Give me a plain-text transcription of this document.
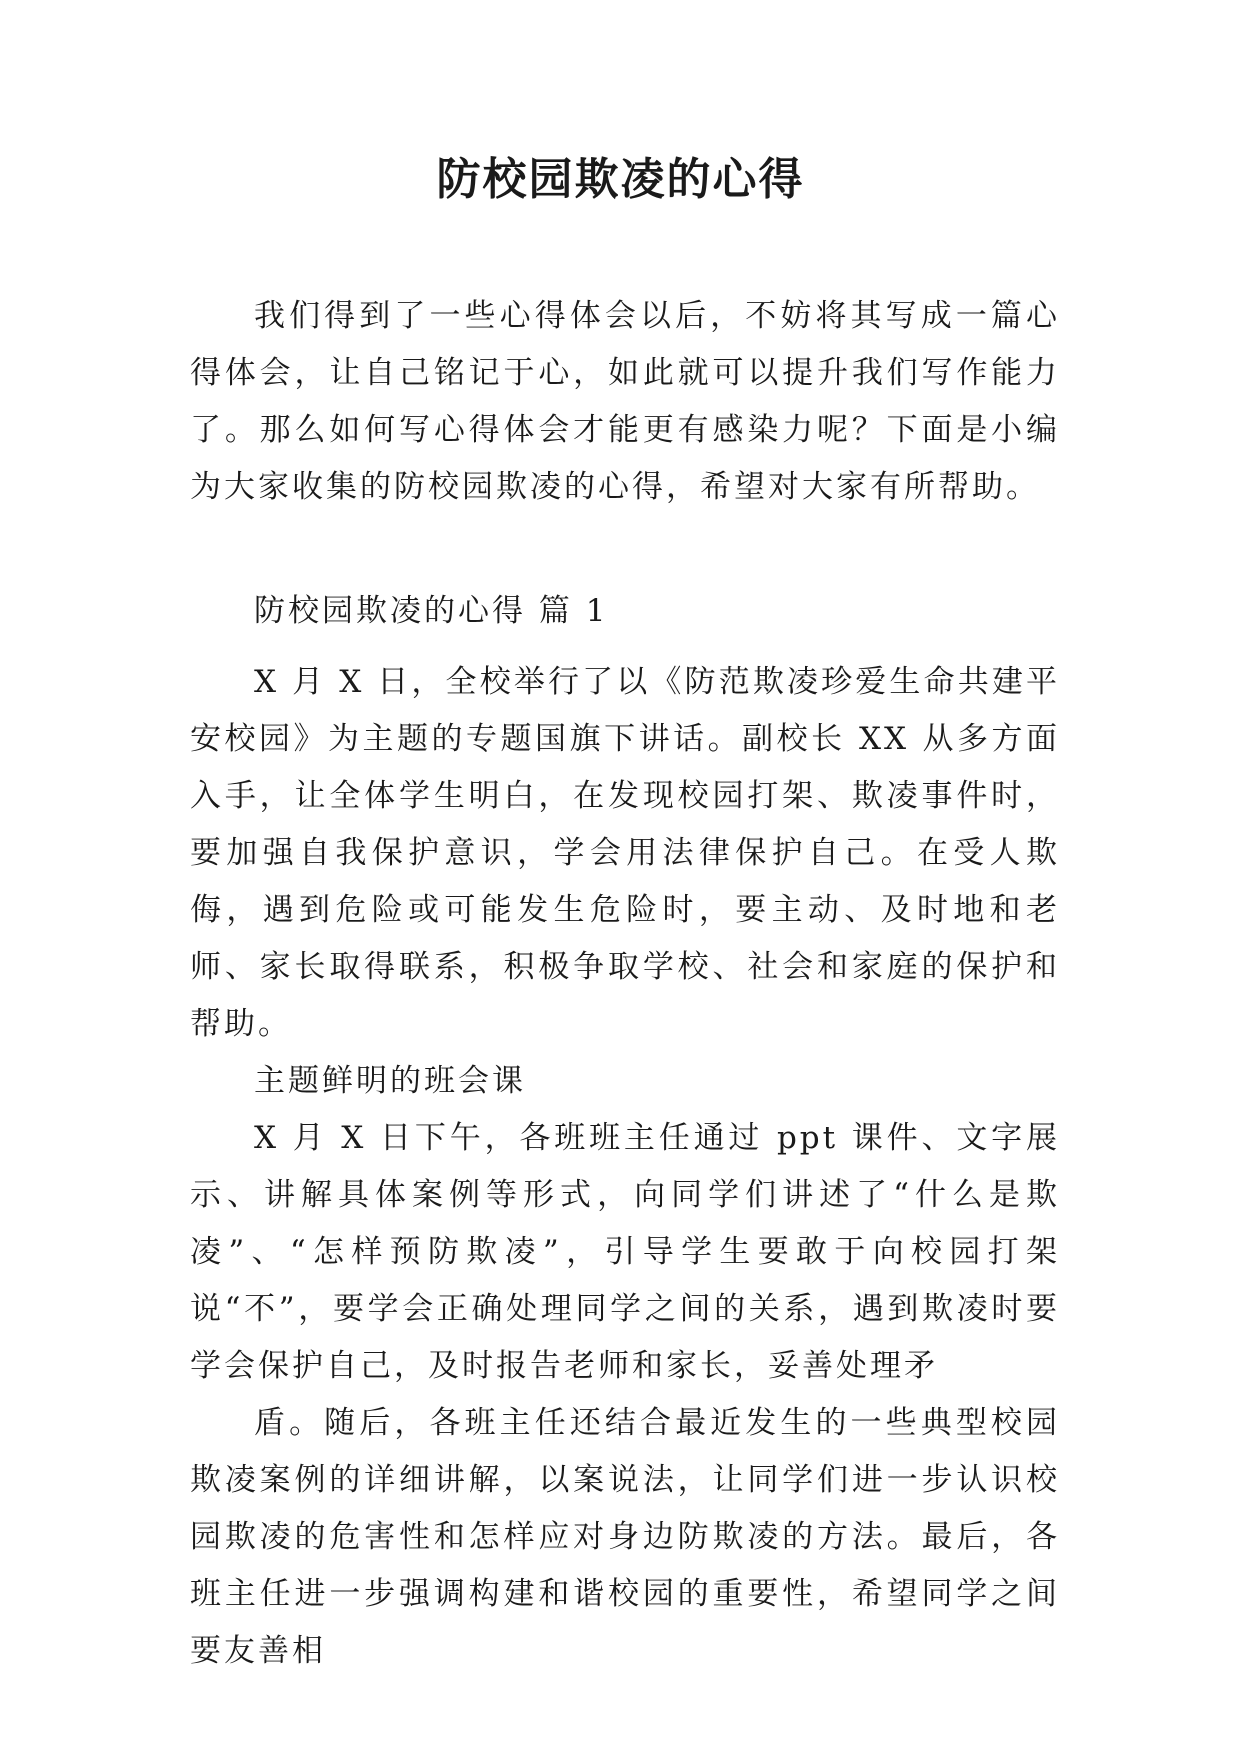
防校园欺凌的心得

我们得到了一些心得体会以后，不妨将其写成一篇心得体会，让自己铭记于心，如此就可以提升我们写作能力了。那么如何写心得体会才能更有感染力呢？下面是小编为大家收集的防校园欺凌的心得，希望对大家有所帮助。

防校园欺凌的心得 篇 1

X 月 X 日，全校举行了以《防范欺凌珍爱生命共建平安校园》为主题的专题国旗下讲话。副校长 XX 从多方面入手，让全体学生明白，在发现校园打架、欺凌事件时，要加强自我保护意识，学会用法律保护自己。在受人欺侮，遇到危险或可能发生危险时，要主动、及时地和老师、家长取得联系，积极争取学校、社会和家庭的保护和帮助。

主题鲜明的班会课

X 月 X 日下午，各班班主任通过 ppt 课件、文字展示、讲解具体案例等形式，向同学们讲述了“什么是欺凌”、“怎样预防欺凌”，引导学生要敢于向校园打架说“不”，要学会正确处理同学之间的关系，遇到欺凌时要学会保护自己，及时报告老师和家长，妥善处理矛

盾。随后，各班主任还结合最近发生的一些典型校园欺凌案例的详细讲解，以案说法，让同学们进一步认识校园欺凌的危害性和怎样应对身边防欺凌的方法。最后，各班主任进一步强调构建和谐校园的重要性，希望同学之间要友善相
